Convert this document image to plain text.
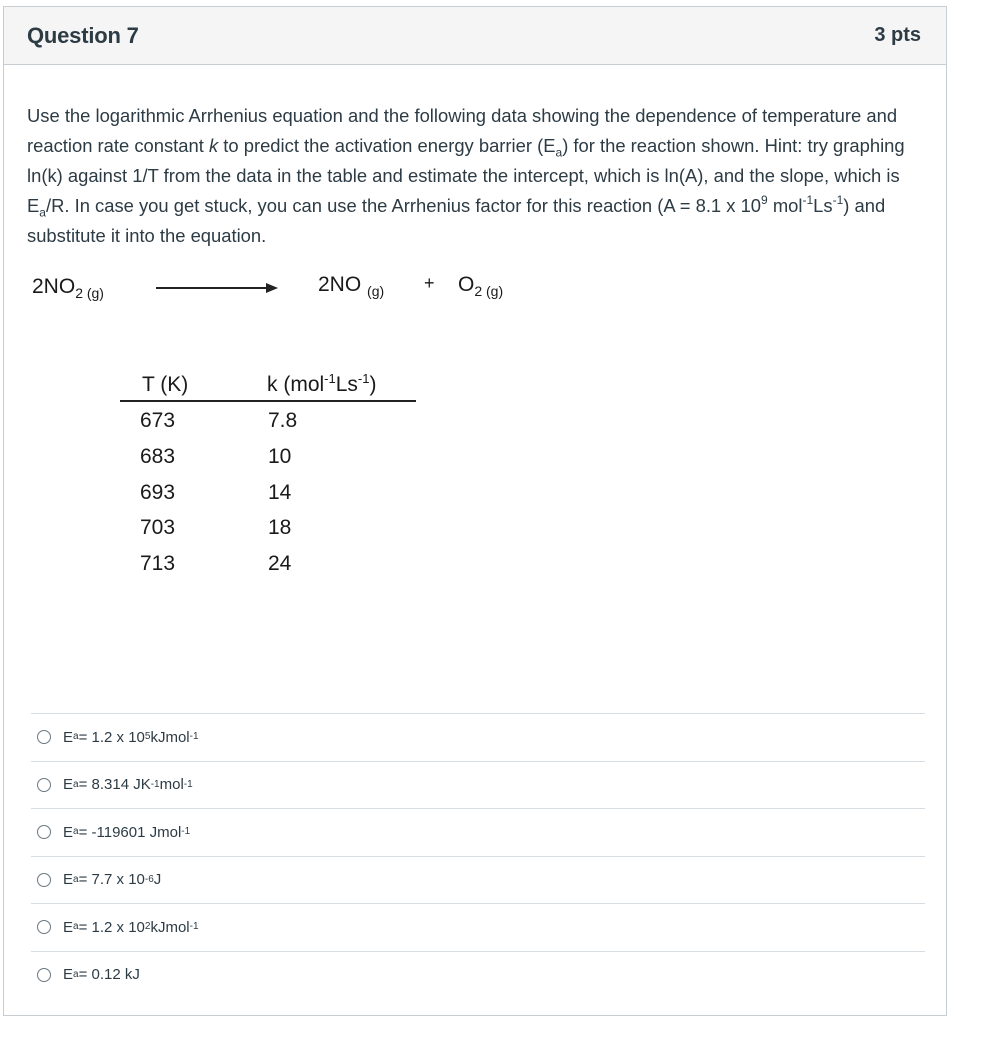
Question 7	3 pts
Use the logarithmic Arrhenius equation and the following data showing the dependence of temperature and reaction rate constant k to predict the activation energy barrier $(E_a)$ for the reaction shown. Hint: try graphing ln(k) against 1/T from the data in the table and estimate the intercept, which is ln(A), and the slope, which is $E_a/R$. In case you get stuck, you can use the Arrhenius factor for this reaction (A = 8.1 x $10^9$ $mol^{-1}Ls^{-1}$) and substitute it into the equation.
$2NO_{2 (g)}$	2NO $_{(g)} + O_{2 (g)}$
T (K)	k $(mol^{-1}Ls^{-1})$
673	7.8
683	10
693	14
703	18
713	24
E a = 1.2 x 10 5 kJmol -1
E a = 8.314 JK -1 mol -1
E a = -119601 Jmol -1
E a = 7.7 x 10 -6 J
E a = 1.2 x 10 2 kJmol -1
E a = 0.12 kJ
